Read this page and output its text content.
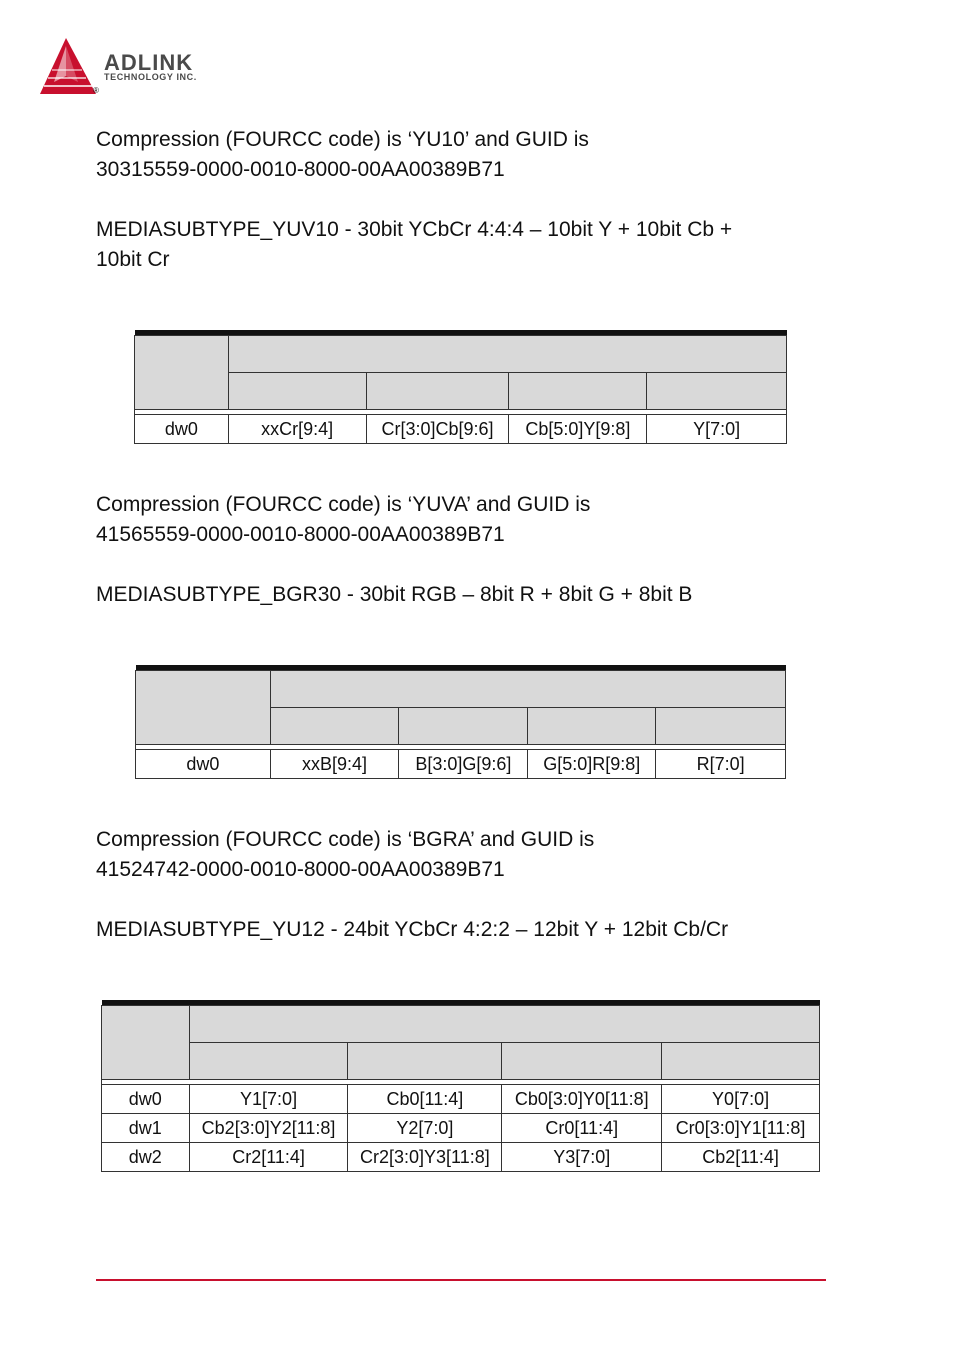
ADLINK
TECHNOLOGY INC.
®

Compression (FOURCC code) is ‘YU10’ and GUID is
30315559-0000-0010-8000-00AA00389B71

MEDIASUBTYPE_YUV10 - 30bit YCbCr 4:4:4 – 10bit Y + 10bit Cb +
10bit Cr

dw0	xxCr[9:4]	Cr[3:0]Cb[9:6]	Cb[5:0]Y[9:8]	Y[7:0]

Compression (FOURCC code) is ‘YUVA’ and GUID is
41565559-0000-0010-8000-00AA00389B71

MEDIASUBTYPE_BGR30 - 30bit RGB – 8bit R + 8bit G + 8bit B

dw0	xxB[9:4]	B[3:0]G[9:6]	G[5:0]R[9:8]	R[7:0]

Compression (FOURCC code) is ‘BGRA’ and GUID is
41524742-0000-0010-8000-00AA00389B71

MEDIASUBTYPE_YU12 - 24bit YCbCr 4:2:2 – 12bit Y + 12bit Cb/Cr

dw0	Y1[7:0]	Cb0[11:4]	Cb0[3:0]Y0[11:8]	Y0[7:0]
dw1	Cb2[3:0]Y2[11:8]	Y2[7:0]	Cr0[11:4]	Cr0[3:0]Y1[11:8]
dw2	Cr2[11:4]	Cr2[3:0]Y3[11:8]	Y3[7:0]	Cb2[11:4]
